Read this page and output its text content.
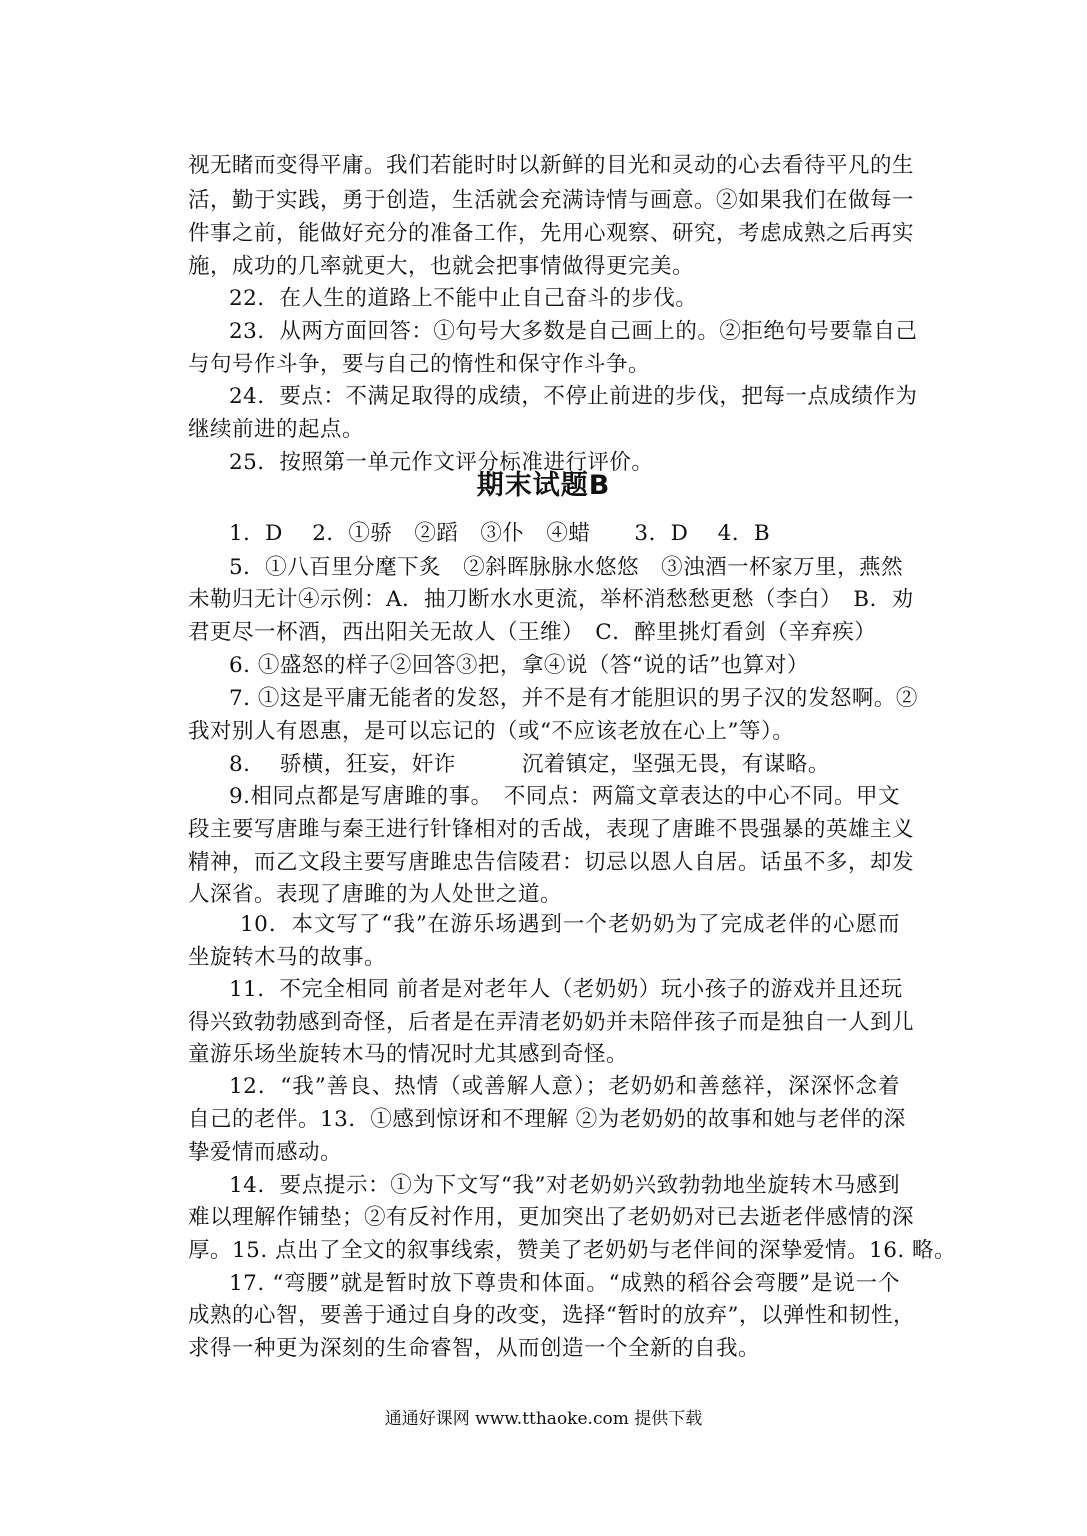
视无睹而变得平庸。我们若能时时以新鲜的目光和灵动的心去看待平凡的生
活，勤于实践，勇于创造，生活就会充满诗情与画意。②如果我们在做每一
件事之前，能做好充分的准备工作，先用心观察、研究，考虑成熟之后再实
施，成功的几率就更大，也就会把事情做得更完美。
22．在人生的道路上不能中止自己奋斗的步伐。
23．从两方面回答：①句号大多数是自己画上的。②拒绝句号要靠自己
与句号作斗争，要与自己的惰性和保守作斗争。
24．要点：不满足取得的成绩，不停止前进的步伐，把每一点成绩作为
继续前进的起点。
25．按照第一单元作文评分标准进行评价。
期末试题B
1．D　 2．①骄　②蹈　③仆　④蜡　　3．D　 4．B
5．①八百里分麾下炙　②斜晖脉脉水悠悠　③浊酒一杯家万里，燕然
未勒归无计④示例：A．抽刀断水水更流，举杯消愁愁更愁（李白）　B．劝
君更尽一杯酒，西出阳关无故人（王维）　C．醉里挑灯看剑（辛弃疾）
6. ①盛怒的样子②回答③把，拿④说（答“说的话”也算对）
7. ①这是平庸无能者的发怒，并不是有才能胆识的男子汉的发怒啊。②
我对别人有恩惠，是可以忘记的（或“不应该老放在心上”等）。
8.　 骄横，狂妄，奸诈　　　沉着镇定，坚强无畏，有谋略。
9.相同点都是写唐雎的事。　不同点：两篇文章表达的中心不同。甲文
段主要写唐雎与秦王进行针锋相对的舌战，表现了唐雎不畏强暴的英雄主义
精神，而乙文段主要写唐雎忠告信陵君：切忌以恩人自居。话虽不多，却发
人深省。表现了唐雎的为人处世之道。
10．本文写了“我”在游乐场遇到一个老奶奶为了完成老伴的心愿而
坐旋转木马的故事。
11．不完全相同 前者是对老年人（老奶奶）玩小孩子的游戏并且还玩
得兴致勃勃感到奇怪，后者是在弄清老奶奶并未陪伴孩子而是独自一人到儿
童游乐场坐旋转木马的情况时尤其感到奇怪。
12．“我”善良、热情（或善解人意）；老奶奶和善慈祥，深深怀念着
自己的老伴。13．①感到惊讶和不理解 ②为老奶奶的故事和她与老伴的深
挚爱情而感动。
14．要点提示：①为下文写“我”对老奶奶兴致勃勃地坐旋转木马感到
难以理解作铺垫；②有反衬作用，更加突出了老奶奶对已去逝老伴感情的深
厚。15. 点出了全文的叙事线索，赞美了老奶奶与老伴间的深挚爱情。16. 略。
17. “弯腰”就是暂时放下尊贵和体面。“成熟的稻谷会弯腰”是说一个
成熟的心智，要善于通过自身的改变，选择“暂时的放弃”，以弹性和韧性，
求得一种更为深刻的生命睿智，从而创造一个全新的自我。
通通好课网 www.tthaoke.com 提供下载
